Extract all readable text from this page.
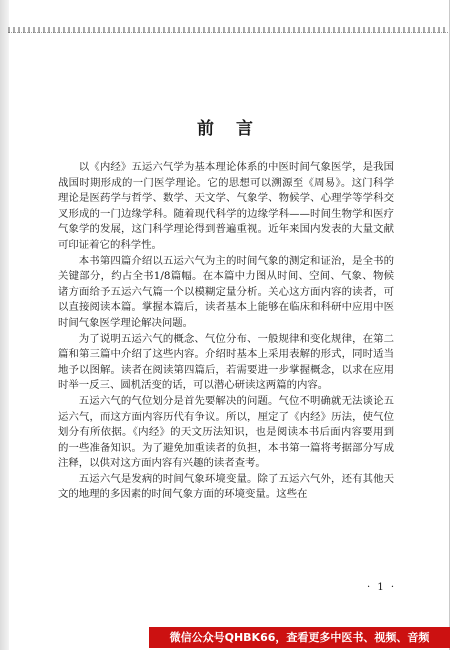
前言

以《内经》五运六气学为基本理论体系的中医时间气象医学，是我国战国时期形成的一门医学理论。它的思想可以溯源至《周易》。这门科学理论是医药学与哲学、数学、天文学、气象学、物候学、心理学等学科交叉形成的一门边缘学科。随着现代科学的边缘学科——时间生物学和医疗气象学的发展，这门科学理论得到普遍重视。近年来国内发表的大量文献可印证着它的科学性。

本书第四篇介绍以五运六气为主的时间气象的测定和证治，是全书的关键部分，约占全书1/8篇幅。在本篇中力图从时间、空间、气象、物候诸方面给予五运六气篇一个以模糊定量分析。关心这方面内容的读者，可以直接阅读本篇。掌握本篇后，读者基本上能够在临床和科研中应用中医时间气象医学理论解决问题。

为了说明五运六气的概念、气位分布、一般规律和变化规律，在第二篇和第三篇中介绍了这些内容。介绍时基本上采用表解的形式，同时适当地予以图解。读者在阅读第四篇后，若需要进一步掌握概念，以求在应用时举一反三、圆机活变的话，可以潜心研读这两篇的内容。

五运六气的气位划分是首先要解决的问题。气位不明确就无法谈论五运六气，而这方面内容历代有争议。所以，厘定了《内经》历法，使气位划分有所依据。《内经》的天文历法知识，也是阅读本书后面内容要用到的一些准备知识。为了避免加重读者的负担，本书第一篇将考据部分写成注释，以供对这方面内容有兴趣的读者查考。

五运六气是发病的时间气象环境变量。除了五运六气外，还有其他天文的地理的多因素的时间气象方面的环境变量。这些在

· 1 ·
微信公众号QHBK66，查看更多中医书、视频、音频
